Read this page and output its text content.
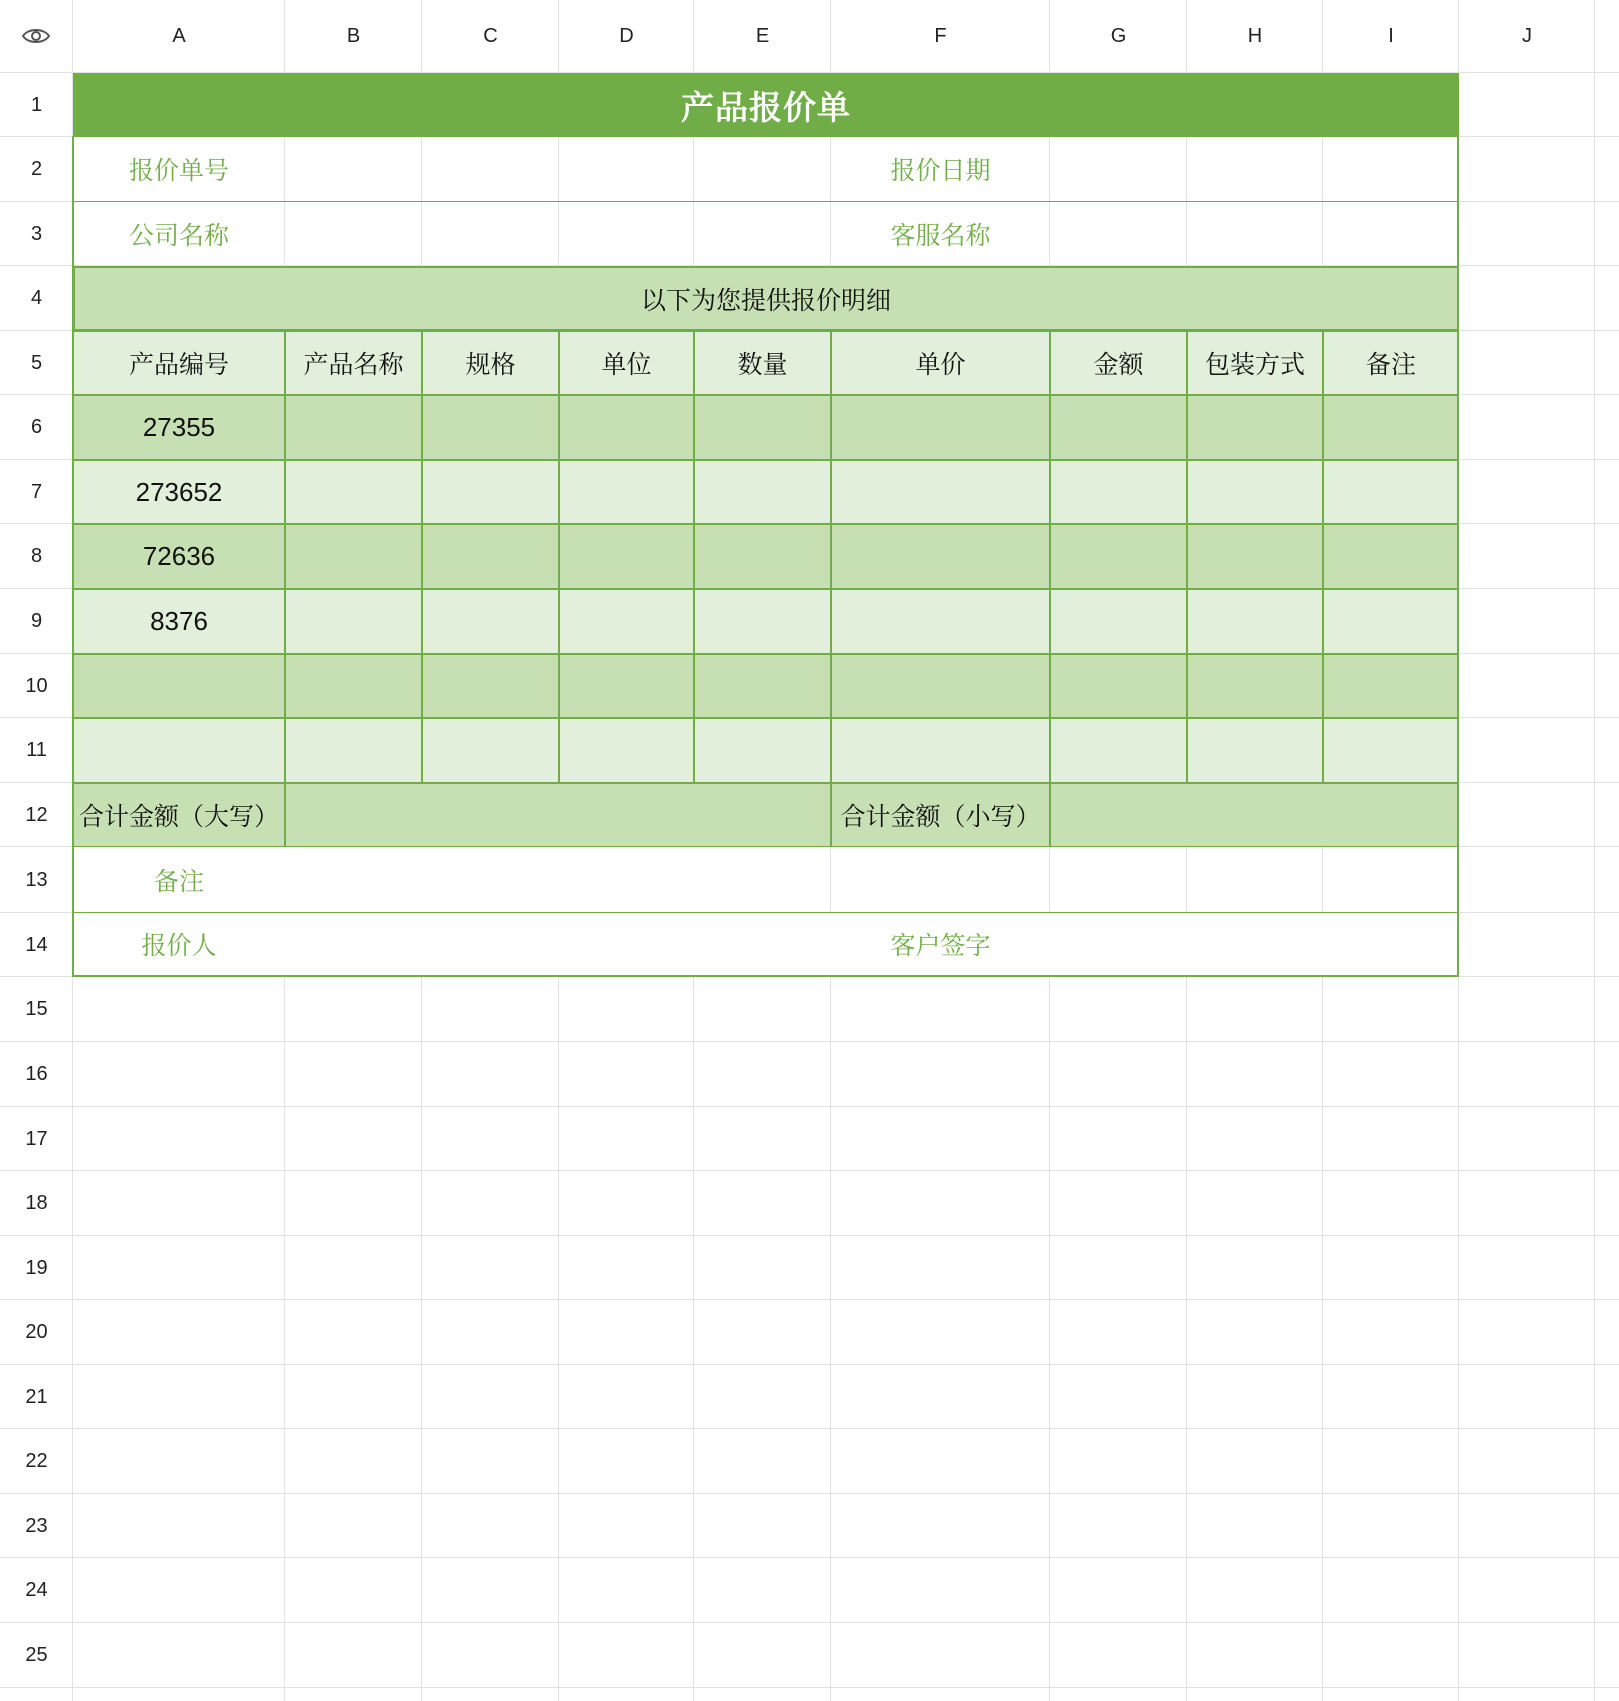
A	B	C	D	E	F	G	H	I	J
1
2
3
4
5
6
7
8
9
10
11
12
13
14
15
16
17
18
19
20
21
22
23
24
25
产品报价单
报价单号	报价日期
公司名称	客服名称
以下为您提供报价明细
产品编号	产品名称	规格	单位	数量	单价	金额	包装方式	备注
27355
273652
72636
8376
合计金额（大写）	合计金额（小写）
备注
报价人	客户签字
